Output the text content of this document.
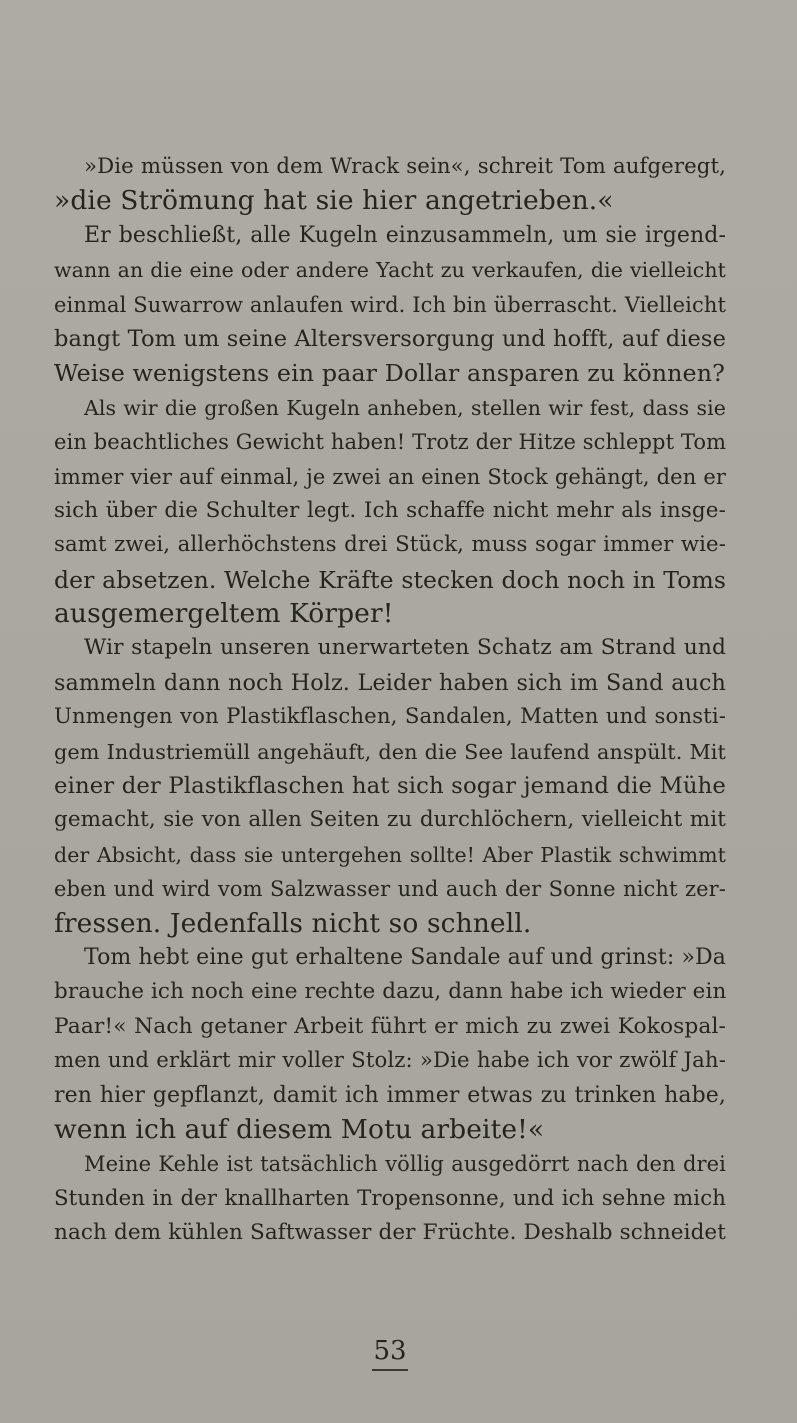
»Die müssen von dem Wrack sein«, schreit Tom aufgeregt,
»die Strömung hat sie hier angetrieben.«
Er beschließt, alle Kugeln einzusammeln, um sie irgend-
wann an die eine oder andere Yacht zu verkaufen, die vielleicht
einmal Suwarrow anlaufen wird. Ich bin überrascht. Vielleicht
bangt Tom um seine Altersversorgung und hofft, auf diese
Weise wenigstens ein paar Dollar ansparen zu können?
Als wir die großen Kugeln anheben, stellen wir fest, dass sie
ein beachtliches Gewicht haben! Trotz der Hitze schleppt Tom
immer vier auf einmal, je zwei an einen Stock gehängt, den er
sich über die Schulter legt. Ich schaffe nicht mehr als insge-
samt zwei, allerhöchstens drei Stück, muss sogar immer wie-
der absetzen. Welche Kräfte stecken doch noch in Toms
ausgemergeltem Körper!
Wir stapeln unseren unerwarteten Schatz am Strand und
sammeln dann noch Holz. Leider haben sich im Sand auch
Unmengen von Plastikflaschen, Sandalen, Matten und sonsti-
gem Industriemüll angehäuft, den die See laufend anspült. Mit
einer der Plastikflaschen hat sich sogar jemand die Mühe
gemacht, sie von allen Seiten zu durchlöchern, vielleicht mit
der Absicht, dass sie untergehen sollte! Aber Plastik schwimmt
eben und wird vom Salzwasser und auch der Sonne nicht zer-
fressen. Jedenfalls nicht so schnell.
Tom hebt eine gut erhaltene Sandale auf und grinst: »Da
brauche ich noch eine rechte dazu, dann habe ich wieder ein
Paar!« Nach getaner Arbeit führt er mich zu zwei Kokospal-
men und erklärt mir voller Stolz: »Die habe ich vor zwölf Jah-
ren hier gepflanzt, damit ich immer etwas zu trinken habe,
wenn ich auf diesem Motu arbeite!«
Meine Kehle ist tatsächlich völlig ausgedörrt nach den drei
Stunden in der knallharten Tropensonne, und ich sehne mich
nach dem kühlen Saftwasser der Früchte. Deshalb schneidet
53
